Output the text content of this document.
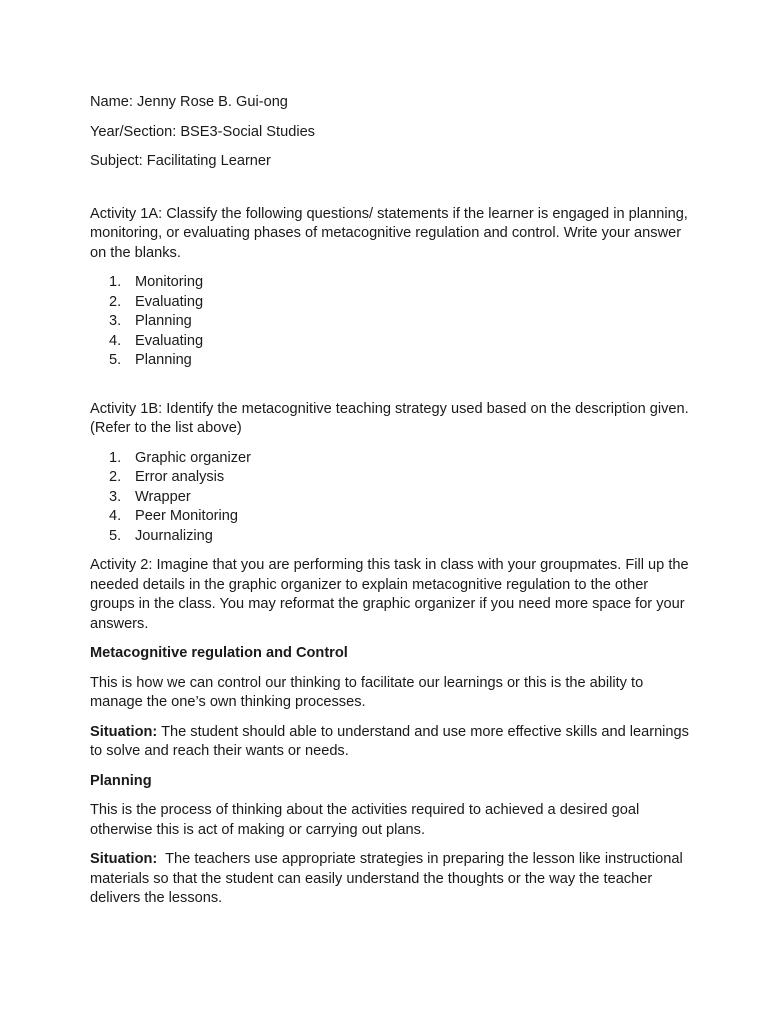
Name: Jenny Rose B. Gui-ong

Year/Section: BSE3-Social Studies

Subject: Facilitating Learner

Activity 1A: Classify the following questions/ statements if the learner is engaged in planning, monitoring, or evaluating phases of metacognitive regulation and control. Write your answer on the blanks.

1. Monitoring
2. Evaluating
3. Planning
4. Evaluating
5. Planning

Activity 1B: Identify the metacognitive teaching strategy used based on the description given. (Refer to the list above)

1. Graphic organizer
2. Error analysis
3. Wrapper
4. Peer Monitoring
5. Journalizing

Activity 2: Imagine that you are performing this task in class with your groupmates. Fill up the needed details in the graphic organizer to explain metacognitive regulation to the other groups in the class. You may reformat the graphic organizer if you need more space for your answers.

Metacognitive regulation and Control

This is how we can control our thinking to facilitate our learnings or this is the ability to manage the one’s own thinking processes.

Situation: The student should able to understand and use more effective skills and learnings to solve and reach their wants or needs.

Planning

This is the process of thinking about the activities required to achieved a desired goal otherwise this is act of making or carrying out plans.

Situation:  The teachers use appropriate strategies in preparing the lesson like instructional materials so that the student can easily understand the thoughts or the way the teacher delivers the lessons.
